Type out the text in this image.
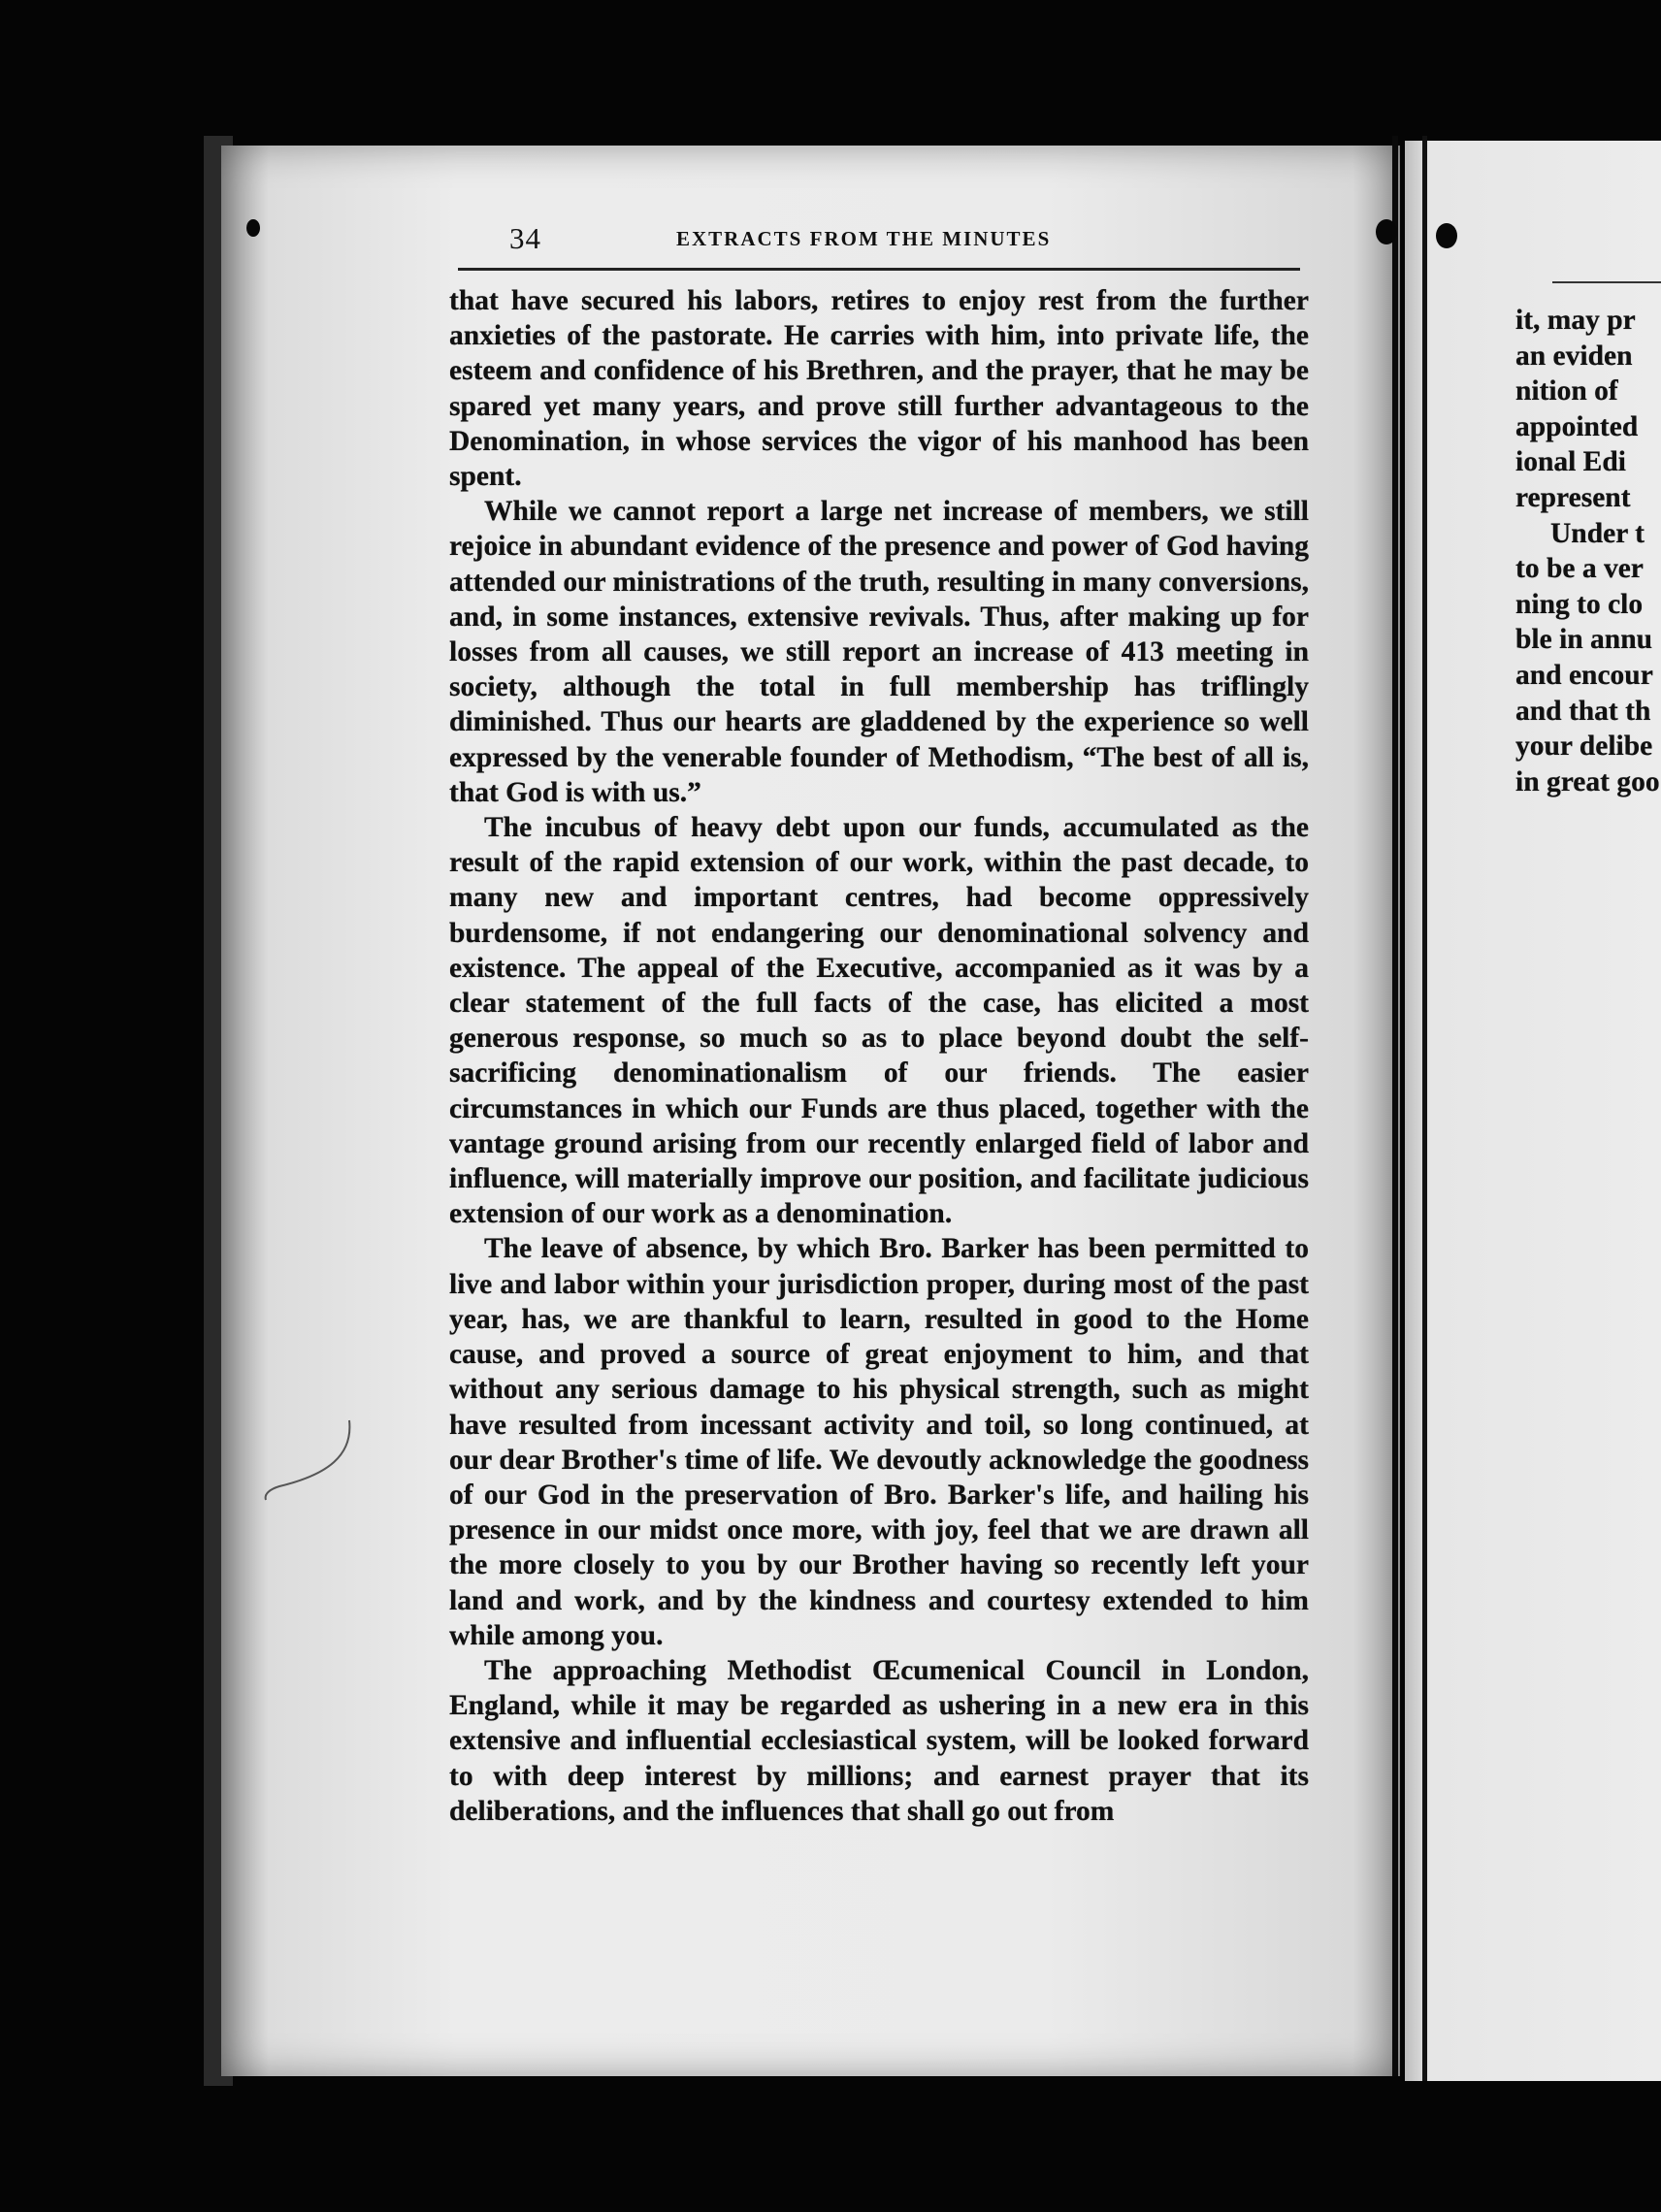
34	EXTRACTS FROM THE MINUTES

that have secured his labors, retires to enjoy rest from the further anxieties of the pastorate. He carries with him, into private life, the esteem and confidence of his Brethren, and the prayer, that he may be spared yet many years, and prove still further advantageous to the Denomination, in whose services the vigor of his manhood has been spent.

While we cannot report a large net increase of members, we still rejoice in abundant evidence of the presence and power of God having attended our ministrations of the truth, resulting in many conversions, and, in some instances, extensive revivals. Thus, after making up for losses from all causes, we still report an increase of 413 meeting in society, although the total in full membership has triflingly diminished. Thus our hearts are gladdened by the experience so well expressed by the venerable founder of Methodism, “The best of all is, that God is with us.”

The incubus of heavy debt upon our funds, accumulated as the result of the rapid extension of our work, within the past decade, to many new and important centres, had become oppressively burdensome, if not endangering our denominational solvency and existence. The appeal of the Executive, accompanied as it was by a clear statement of the full facts of the case, has elicited a most generous response, so much so as to place beyond doubt the self-sacrificing denominationalism of our friends. The easier circumstances in which our Funds are thus placed, together with the vantage ground arising from our recently enlarged field of labor and influence, will materially improve our position, and facilitate judicious extension of our work as a denomination.

The leave of absence, by which Bro. Barker has been permitted to live and labor within your jurisdiction proper, during most of the past year, has, we are thankful to learn, resulted in good to the Home cause, and proved a source of great enjoyment to him, and that without any serious damage to his physical strength, such as might have resulted from incessant activity and toil, so long continued, at our dear Brother's time of life. We devoutly acknowledge the goodness of our God in the preservation of Bro. Barker's life, and hailing his presence in our midst once more, with joy, feel that we are drawn all the more closely to you by our Brother having so recently left your land and work, and by the kindness and courtesy extended to him while among you.

The approaching Methodist Œcumenical Council in London, England, while it may be regarded as ushering in a new era in this extensive and influential ecclesiastical system, will be looked forward to with deep interest by millions; and earnest prayer that its deliberations, and the influences that shall go out from

it, may pr
an eviden
nition of
appointed
ional Edi
represent
Under t
to be a ver
ning to clo
ble in annu
and encour
and that th
your delibe
in great goo
